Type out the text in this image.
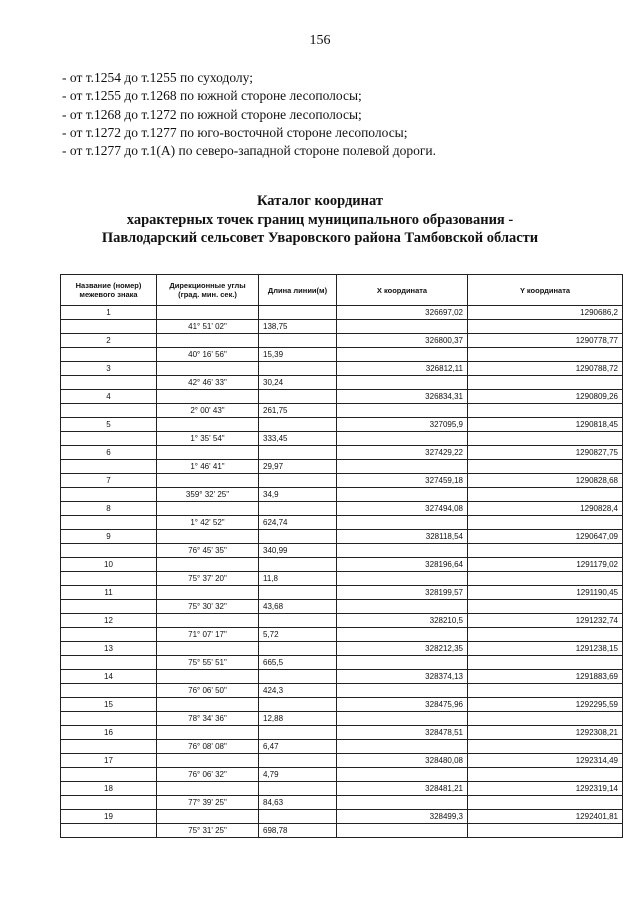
156
- от т.1254 до т.1255 по суходолу;
- от т.1255 до т.1268 по южной стороне лесополосы;
- от т.1268 до т.1272 по южной стороне лесополосы;
- от т.1272 до т.1277 по юго-восточной стороне лесополосы;
- от т.1277 до т.1(А) по северо-западной стороне полевой дороги.
Каталог координат
характерных точек границ муниципального образования -
Павлодарский сельсовет Уваровского района Тамбовской области
Название (номер) межевого знака	Дирекционные углы (град. мин. сек.)	Длина линии(м)	X координата	Y координата
1			326697,02	1290686,2
	41° 51' 02"	138,75		
2			326800,37	1290778,77
	40° 16' 56"	15,39		
3			326812,11	1290788,72
	42° 46' 33"	30,24		
4			326834,31	1290809,26
	2° 00' 43"	261,75		
5			327095,9	1290818,45
	1° 35' 54"	333,45		
6			327429,22	1290827,75
	1° 46' 41"	29,97		
7			327459,18	1290828,68
	359° 32' 25"	34,9		
8			327494,08	1290828,4
	1° 42' 52"	624,74		
9			328118,54	1290647,09
	76° 45' 35"	340,99		
10			328196,64	1291179,02
	75° 37' 20"	11,8		
11			328199,57	1291190,45
	75° 30' 32"	43,68		
12			328210,5	1291232,74
	71° 07' 17"	5,72		
13			328212,35	1291238,15
	75° 55' 51"	665,5		
14			328374,13	1291883,69
	76° 06' 50"	424,3		
15			328475,96	1292295,59
	78° 34' 36"	12,88		
16			328478,51	1292308,21
	76° 08' 08"	6,47		
17			328480,08	1292314,49
	76° 06' 32"	4,79		
18			328481,21	1292319,14
	77° 39' 25"	84,63		
19			328499,3	1292401,81
	75° 31' 25"	698,78		
